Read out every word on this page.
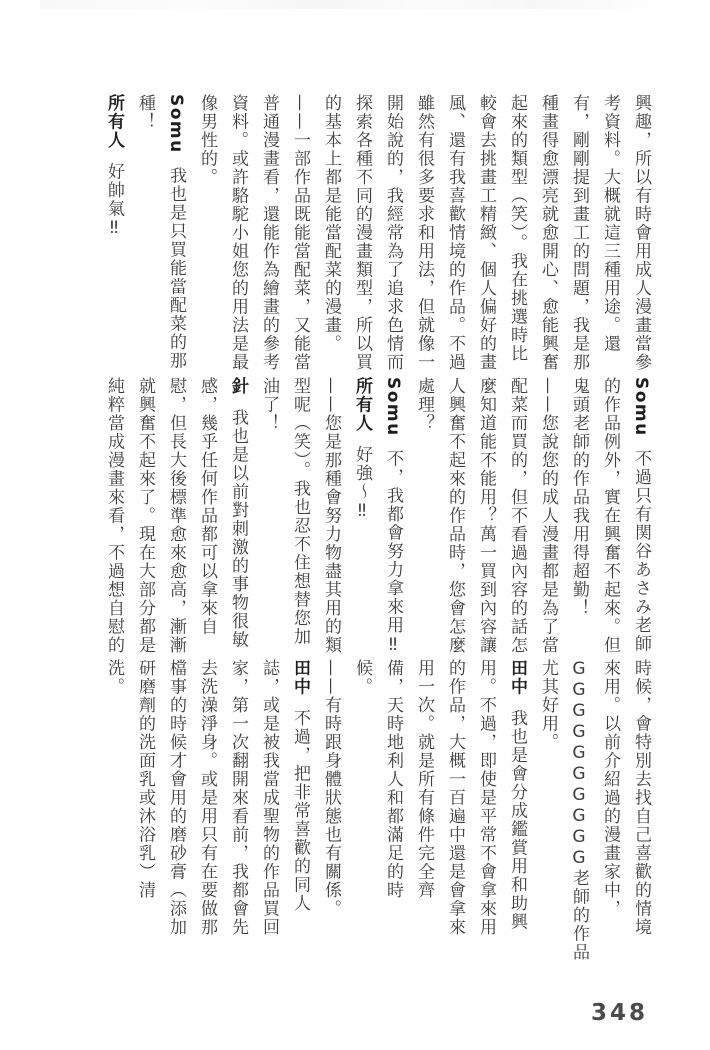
興趣，所以有時會用成人漫畫當參
考資料。大概就這三種用途。還
有，剛剛提到畫工的問題，我是那
種畫得愈漂亮就愈開心、愈能興奮
起來的類型（笑）。我在挑選時比
較會去挑畫工精緻、個人偏好的畫
風、還有我喜歡情境的作品。不過
雖然有很多要求和用法，但就像一
開始說的，我經常為了追求色情而
探索各種不同的漫畫類型，所以買
的基本上都是能當配菜的漫畫。
——一部作品既能當配菜，又能當
普通漫畫看，還能作為繪畫的參考
資料。或許駱駝小姐您的用法是最
像男性的。
Somu我也是只買能當配菜的那
種！
所有人好帥氣‼
Somu不過只有関谷あさみ老師
的作品例外，實在興奮不起來。但
鬼頭老師的作品我用得超勤！
——您說您的成人漫畫都是為了當
配菜而買的，但不看過內容的話怎
麼知道能不能用？萬一買到內容讓
人興奮不起來的作品時，您會怎麼
處理？
Somu不，我都會努力拿來用‼
所有人好強～‼
——您是那種會努力物盡其用的類
型呢（笑）。我也忍不住想替您加
油了！
針我也是以前對刺激的事物很敏
感，幾乎任何作品都可以拿來自
慰，但長大後標準愈來愈高，漸漸
就興奮不起來了。現在大部分都是
純粹當成漫畫來看，不過想自慰的
時候，會特別去找自己喜歡的情境
來用。以前介紹過的漫畫家中，
GGGGGGGGGG老師的作品
尤其好用。
田中我也是會分成鑑賞用和助興
用。不過，即使是平常不會拿來用
的作品，大概一百遍中還是會拿來
用一次。就是所有條件完全齊
備，天時地利人和都滿足的時
候。
——有時跟身體狀態也有關係。
田中不過，把非常喜歡的同人
誌，或是被我當成聖物的作品買回
家，第一次翻開來看前，我都會先
去洗澡淨身。或是用只有在要做那
檔事的時候才會用的磨砂膏（添加
研磨劑的洗面乳或沐浴乳）清
洗。
348
